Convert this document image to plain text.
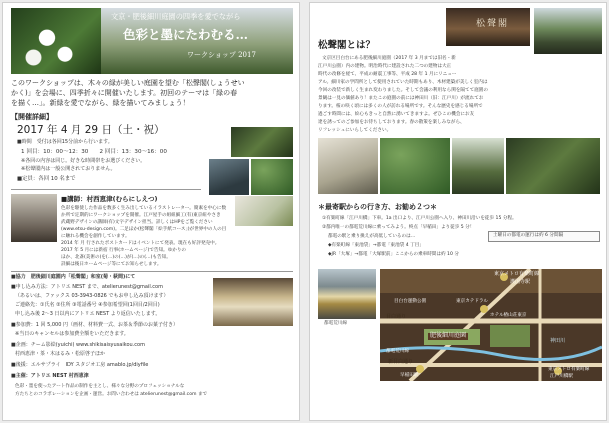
文京・肥後細川庭園の四季を愛でながら
色彩と墨にたわむる…
ワークショップ 2017
このワークショップは、木々の緑が美しい庭園を望む「松聲閣(しょうせい
かく)」を会場に、四季折々に開催いたします。初回のテーマは「緑の春
を描く…」。新緑を愛でながら、緑を描いてみましょう！
【開催詳細】
2017 年 4 月 29 日（土・祝）
■時間　受付は各回15分前から行います。
1 回目：10：00〜12：30　　2 回目：13：30〜16：00
※各回の内容は同じ。好きな時間帯をお選びください。
※松聲閣内は一般公開されておりません。
■定員：各回 10 名まで
■講師：村西恵津(むらにしえつ)
色彩を駆使した作品を数多く生み出しているイラストレーター。簡素を中心に数
か所で定期的にワークショップを開催。江戸屋手の組紐細工(有)東京紐やさき
武蔵野デザインの講師(有)文字デザイン担当。詳しくはHPをご覧ください
(www.etsu-design.com)。二足ほか(松聲閣「絵手紙コース」)が世界中の人の目
に触れる機会を創作しています。
2014 年 月 行されたポストカードはイベントにて発表。現在も好評発売中。
2017 年 5 月には新宿 行事(ホームページ)で告知。ゆかりの
ほか、北斎(美術の)を(…)の(…)が(…)の(…)も告知。
詳細は後日ホームページ等にてお知らせします。
■協力　肥後細川庭園内「松聲閣」和室(菊・萩間)にて
■申し込み方法：アトリエ NEST まで、atelierunest@gmail.com
（あるいは、ファックス 03-3943-0826 でもお申し込み頂けます）
ご連絡先：①氏名 ②住所 ③電話番号 ④参加希望回(1回目/2回目)
申し込み後 2〜3 日以内にアトリエ NEST より返信いたします。
■参加費：1 回 5,000 円（画材、材料費一式、お茶＆季節のお菓子付き）
※当日のキャンセルは参加費全額をいただきます。
■企画：チーム影絵(yuichi) www.shikisaisyusaikou.com
村西恵津・茶・木はるみ・松原啓子ほか
■後援：エルサプライ　IDY スタジオ工房 amablo.jp/diyfile
■主催：アトリエ NEST 村西恵津
色彩・墨を使ったアート作品の制作を主とし、様々な分野のプロフェッショナルな
方たちとのコラボレーションを企画・運営。お問い合わせは atelierunest@gmail.com まで
松聲閣
松聲閣とは？
文京区目白台にある肥後細川庭園（2017 年 3 月までは旧名・新
江戸川公園）内の建物。明治時代に建設された二つの建物は大正
時代の改修を経て、平成の耐震工事等、平成 28 年 1 月にリニュー
アル。細川家の学問所として使用されていた時期もあり、木材建築が美しく室内は
今回の改装で新しく生まれ変わりました。そして会議の利用なら関を隔てて庭園の
景観は一見の価値あり！またこの庭園の前には神田川（旧：江戸川）が流れてお
ります。桜の咲く頃には多くの人が訪れる場所です。そんな歴史を感じる場所で
過ごす時間には、絵心もきっと自然に湧いてきますよ。ぜひこの機会にお友
達を誘ってのご参加をお待ちしております。春の散策を楽しみながら、
リフレッシュにいらしてください。
＊最寄駅からの行き方、お勧め２つ＊
①有楽町線「江戸川橋」下車。1a 出口より、江戸川公園へ入り、神田川沿いを徒歩 15 分程。
②都内唯一の都電荒川線に乗ってみよう。終点「早稲田」より徒歩 5 分！
都電の駅と乗り換えが高低しているのは…
◆有楽町線「東池袋」→都電「東池袋 4 丁目」
◆JR「大塚」→都電「大塚駅前」ここからの乗車時間は約 10 分
土曜日の都電の運行は約 6 分間隔
都電荒川線
東京メトロ有楽町線
護国寺駅
目白通り
新目白通り
肥後細川庭園
ホテル椿山荘東京
神田川
目白台運動公園	東京カテドラル
東京メトロ有楽町線
江戸川橋駅
早稲田駅
都電荒川線
